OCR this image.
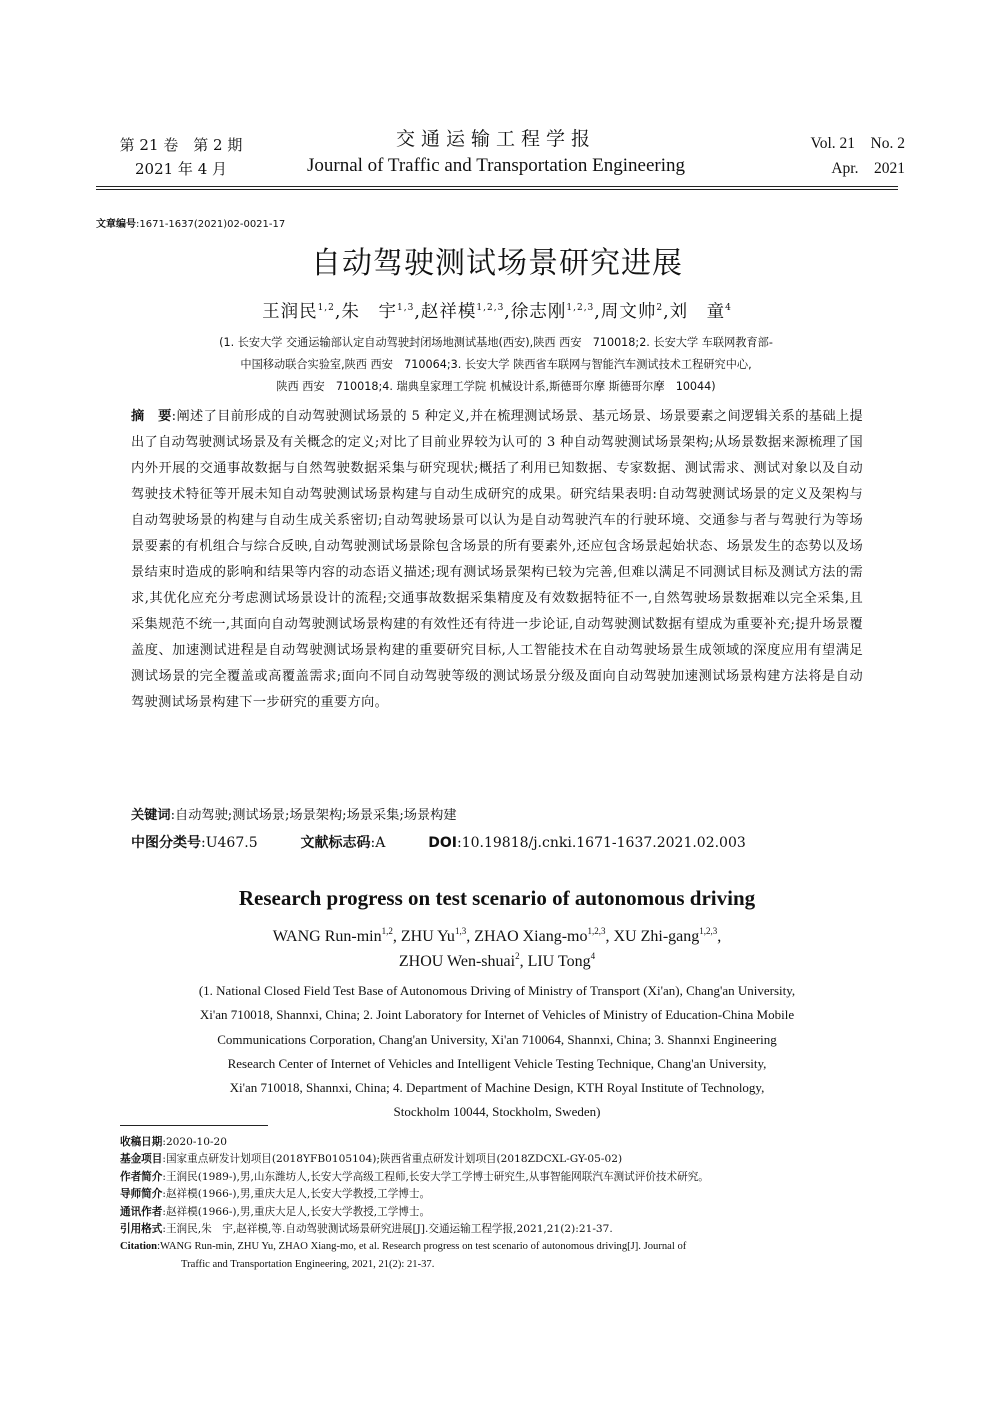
第 21 卷　第 2 期
2021 年 4 月
交通运输工程学报
Journal of Traffic and Transportation Engineering
Vol. 21　No. 2
Apr.　2021
文章编号:1671-1637(2021)02-0021-17
自动驾驶测试场景研究进展
王润民$^{1,2}$,朱　宇$^{1,3}$,赵祥模$^{1,2,3}$,徐志刚$^{1,2,3}$,周文帅$^2$,刘　童$^4$
(1. 长安大学 交通运输部认定自动驾驶封闭场地测试基地(西安),陕西 西安　710018;2. 长安大学 车联网教育部-
中国移动联合实验室,陕西 西安　710064;3. 长安大学 陕西省车联网与智能汽车测试技术工程研究中心,
陕西 西安　710018;4. 瑞典皇家理工学院 机械设计系,斯德哥尔摩 斯德哥尔摩　10044)
摘　要:阐述了目前形成的自动驾驶测试场景的 5 种定义,并在梳理测试场景、基元场景、场景要素之间逻辑关系的基础上提出了自动驾驶测试场景及有关概念的定义;对比了目前业界较为认可的 3 种自动驾驶测试场景架构;从场景数据来源梳理了国内外开展的交通事故数据与自然驾驶数据采集与研究现状;概括了利用已知数据、专家数据、测试需求、测试对象以及自动驾驶技术特征等开展未知自动驾驶测试场景构建与自动生成研究的成果。研究结果表明:自动驾驶测试场景的定义及架构与自动驾驶场景的构建与自动生成关系密切;自动驾驶场景可以认为是自动驾驶汽车的行驶环境、交通参与者与驾驶行为等场景要素的有机组合与综合反映,自动驾驶测试场景除包含场景的所有要素外,还应包含场景起始状态、场景发生的态势以及场景结束时造成的影响和结果等内容的动态语义描述;现有测试场景架构已较为完善,但难以满足不同测试目标及测试方法的需求,其优化应充分考虑测试场景设计的流程;交通事故数据采集精度及有效数据特征不一,自然驾驶场景数据难以完全采集,且采集规范不统一,其面向自动驾驶测试场景构建的有效性还有待进一步论证,自动驾驶测试数据有望成为重要补充;提升场景覆盖度、加速测试进程是自动驾驶测试场景构建的重要研究目标,人工智能技术在自动驾驶场景生成领域的深度应用有望满足测试场景的完全覆盖或高覆盖需求;面向不同自动驾驶等级的测试场景分级及面向自动驾驶加速测试场景构建方法将是自动驾驶测试场景构建下一步研究的重要方向。
关键词:自动驾驶;测试场景;场景架构;场景采集;场景构建
中图分类号:U467.5	文献标志码:A	DOI:10.19818/j.cnki.1671-1637.2021.02.003
Research progress on test scenario of autonomous driving
WANG Run-$\min^{1,2}$, ZHU Yu$^{1,3}$, ZHAO Xiang-mo$^{1,2,3}$, XU Zhi-gang$^{1,2,3}$,
ZHOU Wen-shuai$^2$, LIU Tong$^4$
(1. National Closed Field Test Base of Autonomous Driving of Ministry of Transport (Xi'an), Chang'an University,
Xi'an 710018, Shannxi, China; 2. Joint Laboratory for Internet of Vehicles of Ministry of Education-China Mobile
Communications Corporation, Chang'an University, Xi'an 710064, Shannxi, China; 3. Shannxi Engineering
Research Center of Internet of Vehicles and Intelligent Vehicle Testing Technique, Chang'an University,
Xi'an 710018, Shannxi, China; 4. Department of Machine Design, KTH Royal Institute of Technology,
Stockholm 10044, Stockholm, Sweden)
收稿日期:2020-10-20
基金项目:国家重点研发计划项目(2018YFB0105104);陕西省重点研发计划项目(2018ZDCXL-GY-05-02)
作者简介:王润民(1989-),男,山东潍坊人,长安大学高级工程师,长安大学工学博士研究生,从事智能网联汽车测试评价技术研究。
导师简介:赵祥模(1966-),男,重庆大足人,长安大学教授,工学博士。
通讯作者:赵祥模(1966-),男,重庆大足人,长安大学教授,工学博士。
引用格式:王润民,朱　宇,赵祥模,等.自动驾驶测试场景研究进展[J].交通运输工程学报,2021,21(2):21-37.
Citation:WANG Run-min, ZHU Yu, ZHAO Xiang-mo, et al. Research progress on test scenario of autonomous driving[J]. Journal of
Traffic and Transportation Engineering, 2021, 21(2): 21-37.
